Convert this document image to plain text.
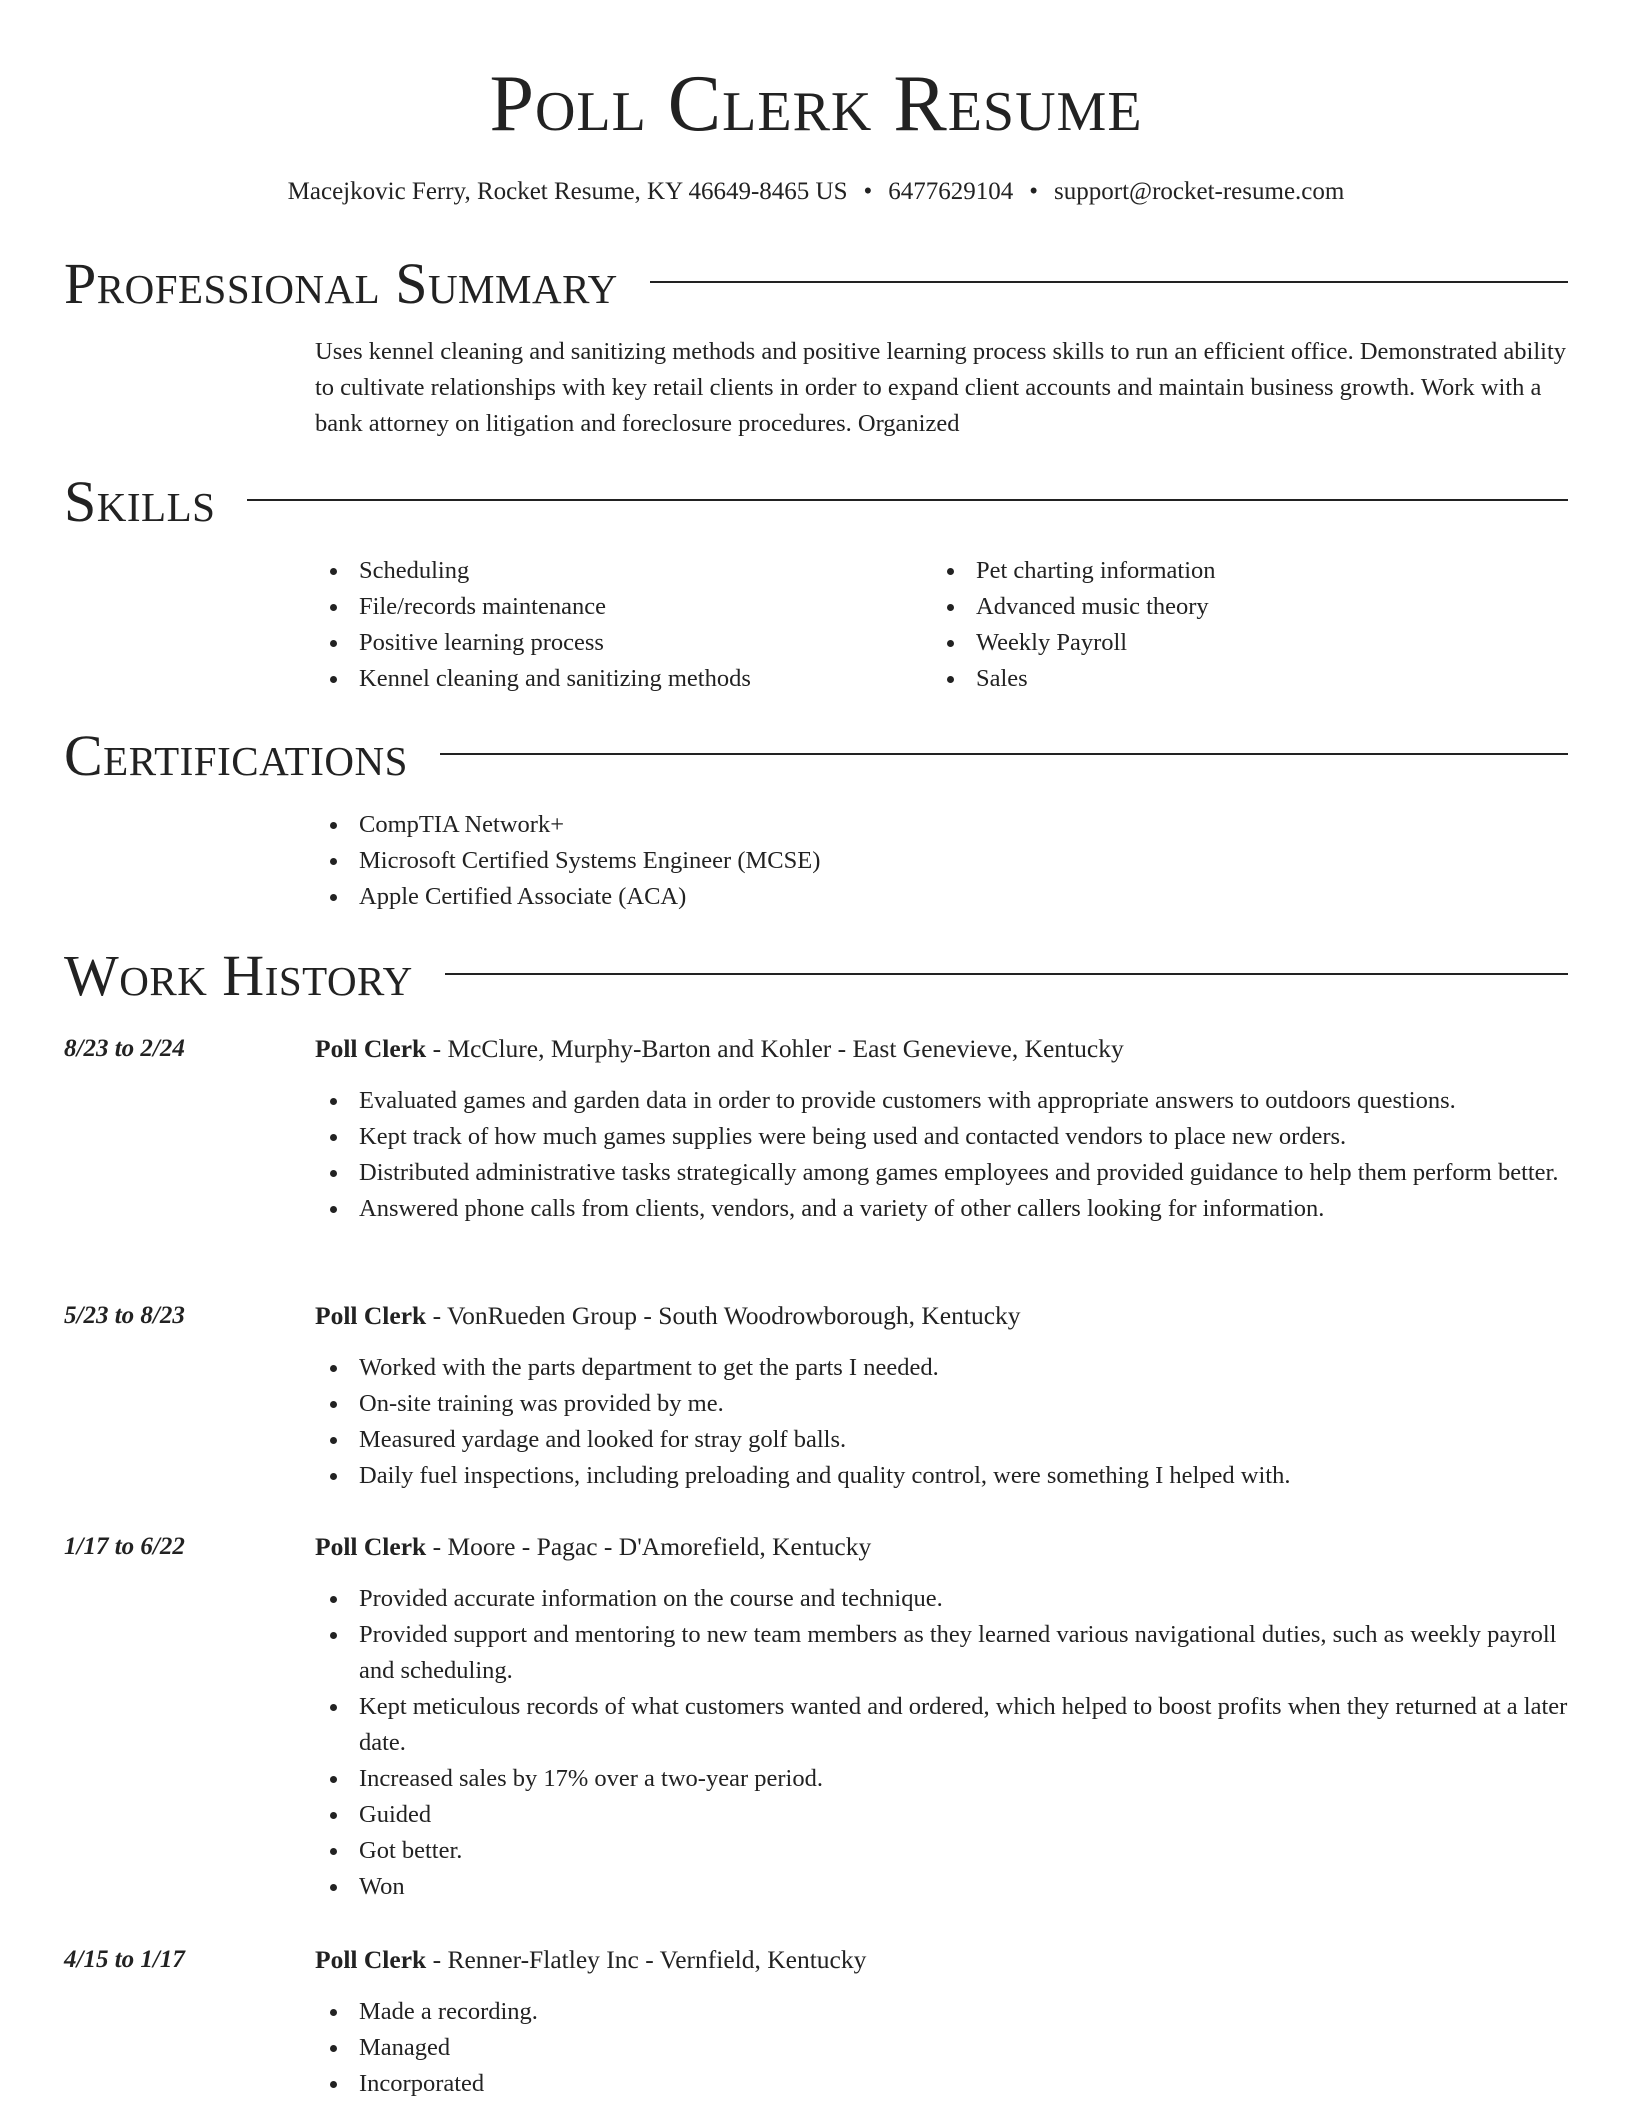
Poll Clerk Resume
Macejkovic Ferry, Rocket Resume, KY 46649-8465 US • 6477629104 • support@rocket-resume.com
Professional Summary
Uses kennel cleaning and sanitizing methods and positive learning process skills to run an efficient office. Demonstrated ability to cultivate relationships with key retail clients in order to expand client accounts and maintain business growth. Work with a bank attorney on litigation and foreclosure procedures. Organized
Skills
Scheduling
File/records maintenance
Positive learning process
Kennel cleaning and sanitizing methods
Pet charting information
Advanced music theory
Weekly Payroll
Sales
Certifications
CompTIA Network+
Microsoft Certified Systems Engineer (MCSE)
Apple Certified Associate (ACA)
Work History
8/23 to 2/24	Poll Clerk - McClure, Murphy-Barton and Kohler - East Genevieve, Kentucky
Evaluated games and garden data in order to provide customers with appropriate answers to outdoors questions.
Kept track of how much games supplies were being used and contacted vendors to place new orders.
Distributed administrative tasks strategically among games employees and provided guidance to help them perform better.
Answered phone calls from clients, vendors, and a variety of other callers looking for information.
5/23 to 8/23	Poll Clerk - VonRueden Group - South Woodrowborough, Kentucky
Worked with the parts department to get the parts I needed.
On-site training was provided by me.
Measured yardage and looked for stray golf balls.
Daily fuel inspections, including preloading and quality control, were something I helped with.
1/17 to 6/22	Poll Clerk - Moore - Pagac - D'Amorefield, Kentucky
Provided accurate information on the course and technique.
Provided support and mentoring to new team members as they learned various navigational duties, such as weekly payroll and scheduling.
Kept meticulous records of what customers wanted and ordered, which helped to boost profits when they returned at a later date.
Increased sales by 17% over a two-year period.
Guided
Got better.
Won
4/15 to 1/17	Poll Clerk - Renner-Flatley Inc - Vernfield, Kentucky
Made a recording.
Managed
Incorporated
